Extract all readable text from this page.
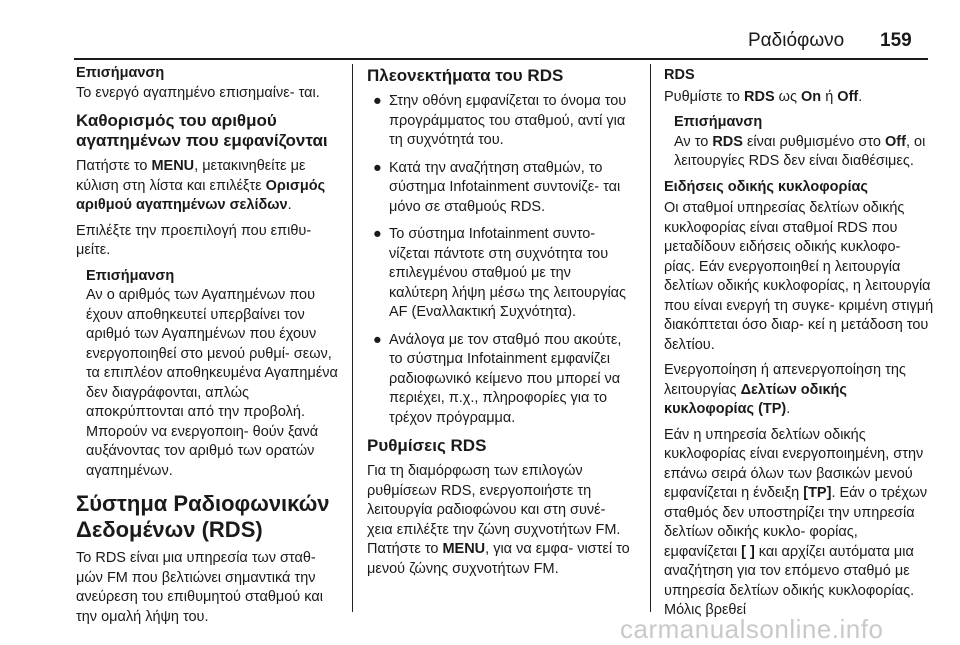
Ραδιόφωνο 159

Επισήμανση
Το ενεργό αγαπημένο επισημαίνε- ται.

Καθορισμός του αριθμού αγαπημένων που εμφανίζονται

Πατήστε το MENU, μετακινηθείτε με κύλιση στη λίστα και επιλέξτε Ορισμός αριθμού αγαπημένων σελίδων.

Επιλέξτε την προεπιλογή που επιθυ- μείτε.

Επισήμανση
Αν ο αριθμός των Αγαπημένων που έχουν αποθηκευτεί υπερβαίνει τον αριθμό των Αγαπημένων που έχουν ενεργοποιηθεί στο μενού ρυθμί- σεων, τα επιπλέον αποθηκευμένα Αγαπημένα δεν διαγράφονται, απλώς αποκρύπτονται από την προβολή. Μπορούν να ενεργοποιη- θούν ξανά αυξάνοντας τον αριθμό των ορατών αγαπημένων.

Σύστημα Ραδιοφωνικών Δεδομένων (RDS)

Το RDS είναι μια υπηρεσία των σταθ- μών FM που βελτιώνει σημαντικά την ανεύρεση του επιθυμητού σταθμού και την ομαλή λήψη του.

Πλεονεκτήματα του RDS
● Στην οθόνη εμφανίζεται το όνομα του προγράμματος του σταθμού, αντί για τη συχνότητά του.
● Κατά την αναζήτηση σταθμών, το σύστημα Infotainment συντονίζε- ται μόνο σε σταθμούς RDS.
● Το σύστημα Infotainment συντο- νίζεται πάντοτε στη συχνότητα του επιλεγμένου σταθμού με την καλύτερη λήψη μέσω της λειτουργίας AF (Εναλλακτική Συχνότητα).
● Ανάλογα με τον σταθμό που ακούτε, το σύστημα Infotainment εμφανίζει ραδιοφωνικό κείμενο που μπορεί να περιέχει, π.χ., πληροφορίες για το τρέχον πρόγραμμα.
Ρυθμίσεις RDS

Για τη διαμόρφωση των επιλογών ρυθμίσεων RDS, ενεργοποιήστε τη λειτουργία ραδιοφώνου και στη συνέ- χεια επιλέξτε την ζώνη συχνοτήτων FM. Πατήστε το MENU, για να εμφα- νιστεί το μενού ζώνης συχνοτήτων FM.

RDS

Ρυθμίστε το RDS ως On ή Off.

Επισήμανση
Αν το RDS είναι ρυθμισμένο στο Off, οι λειτουργίες RDS δεν είναι διαθέσιμες.

Ειδήσεις οδικής κυκλοφορίας

Οι σταθμοί υπηρεσίας δελτίων οδικής κυκλοφορίας είναι σταθμοί RDS που μεταδίδουν ειδήσεις οδικής κυκλοφο- ρίας. Εάν ενεργοποιηθεί η λειτουργία δελτίων οδικής κυκλοφορίας, η λειτουργία που είναι ενεργή τη συγκε- κριμένη στιγμή διακόπτεται όσο διαρ- κεί η μετάδοση του δελτίου.

Ενεργοποίηση ή απενεργοποίηση της λειτουργίας Δελτίων οδικής κυκλοφορίας (TP).

Εάν η υπηρεσία δελτίων οδικής κυκλοφορίας είναι ενεργοποιημένη, στην επάνω σειρά όλων των βασικών μενού εμφανίζεται η ένδειξη [TP]. Εάν ο τρέχων σταθμός δεν υποστηρίζει την υπηρεσία δελτίων οδικής κυκλο- φορίας, εμφανίζεται [ ] και αρχίζει αυτόματα μια αναζήτηση για τον επόμενο σταθμό με υπηρεσία δελτίων οδικής κυκλοφορίας. Μόλις βρεθεί

carmanualsonline.info
